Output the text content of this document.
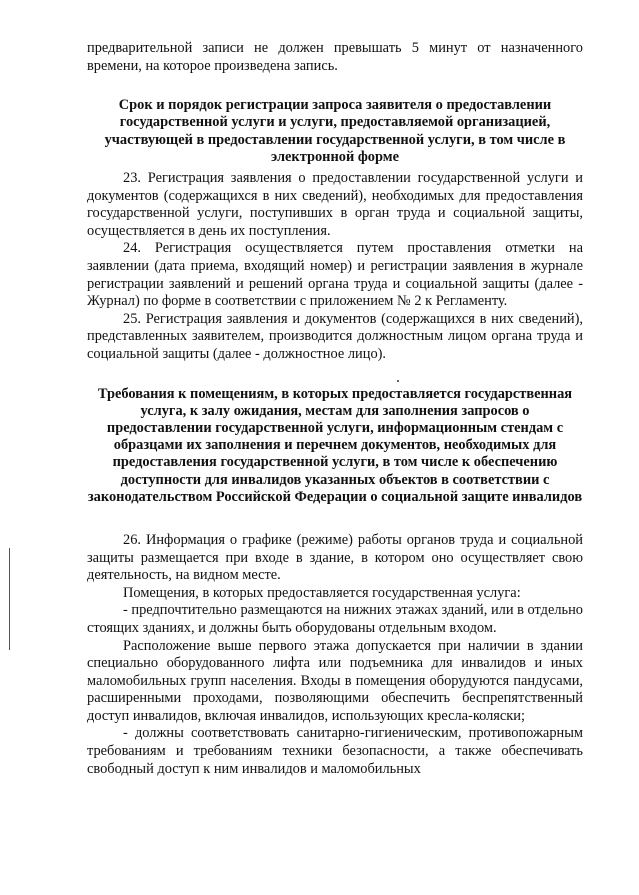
предварительной записи не должен превышать 5 минут от назначенного времени, на которое произведена запись.

Срок и порядок регистрации запроса заявителя о предоставлении государственной услуги и услуги, предоставляемой организацией, участвующей в предоставлении государственной услуги, в том числе в электронной форме

23. Регистрация заявления о предоставлении государственной услуги и документов (содержащихся в них сведений), необходимых для предоставления государственной услуги, поступивших в орган труда и социальной защиты, осуществляется в день их поступления.

24. Регистрация осуществляется путем проставления отметки на заявлении (дата приема, входящий номер) и регистрации заявления в журнале регистрации заявлений и решений органа труда и социальной защиты (далее - Журнал) по форме в соответствии с приложением № 2 к Регламенту.

25. Регистрация заявления и документов (содержащихся в них сведений), представленных заявителем, производится должностным лицом органа труда и социальной защиты (далее - должностное лицо).

Требования к помещениям, в которых предоставляется государственная услуга, к залу ожидания, местам для заполнения запросов о предоставлении государственной услуги, информационным стендам с образцами их заполнения и перечнем документов, необходимых для предоставления государственной услуги, в том числе к обеспечению доступности для инвалидов указанных объектов в соответствии с законодательством Российской Федерации о социальной защите инвалидов

26. Информация о графике (режиме) работы органов труда и социальной защиты размещается при входе в здание, в котором оно осуществляет свою деятельность, на видном месте.

Помещения, в которых предоставляется государственная услуга:

- предпочтительно размещаются на нижних этажах зданий, или в отдельно стоящих зданиях, и должны быть оборудованы отдельным входом.

Расположение выше первого этажа допускается при наличии в здании специально оборудованного лифта или подъемника для инвалидов и иных маломобильных групп населения. Входы в помещения оборудуются пандусами, расширенными проходами, позволяющими обеспечить беспрепятственный доступ инвалидов, включая инвалидов, использующих кресла-коляски;

- должны соответствовать санитарно-гигиеническим, противопожарным требованиям и требованиям техники безопасности, а также обеспечивать свободный доступ к ним инвалидов и маломобильных
